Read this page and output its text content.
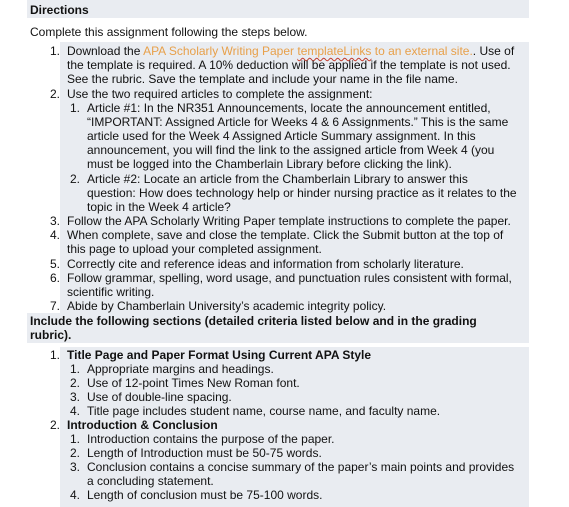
Directions
Complete this assignment following the steps below.
1. Download the APA Scholarly Writing Paper templateLinks to an external site.. Use of
the template is required. A 10% deduction will be applied if the template is not used.
See the rubric. Save the template and include your name in the file name.
2. Use the two required articles to complete the assignment:
1. Article #1: In the NR351 Announcements, locate the announcement entitled,
“IMPORTANT: Assigned Article for Weeks 4 & 6 Assignments.” This is the same
article used for the Week 4 Assigned Article Summary assignment. In this
announcement, you will find the link to the assigned article from Week 4 (you
must be logged into the Chamberlain Library before clicking the link).
2. Article #2: Locate an article from the Chamberlain Library to answer this
question: How does technology help or hinder nursing practice as it relates to the
topic in the Week 4 article?
3. Follow the APA Scholarly Writing Paper template instructions to complete the paper.
4. When complete, save and close the template. Click the Submit button at the top of
this page to upload your completed assignment.
5. Correctly cite and reference ideas and information from scholarly literature.
6. Follow grammar, spelling, word usage, and punctuation rules consistent with formal,
scientific writing.
7. Abide by Chamberlain University’s academic integrity policy.
Include the following sections (detailed criteria listed below and in the grading
rubric).
1. Title Page and Paper Format Using Current APA Style
1. Appropriate margins and headings.
2. Use of 12-point Times New Roman font.
3. Use of double-line spacing.
4. Title page includes student name, course name, and faculty name.
2. Introduction & Conclusion
1. Introduction contains the purpose of the paper.
2. Length of Introduction must be 50-75 words.
3. Conclusion contains a concise summary of the paper’s main points and provides
a concluding statement.
4. Length of conclusion must be 75-100 words.
